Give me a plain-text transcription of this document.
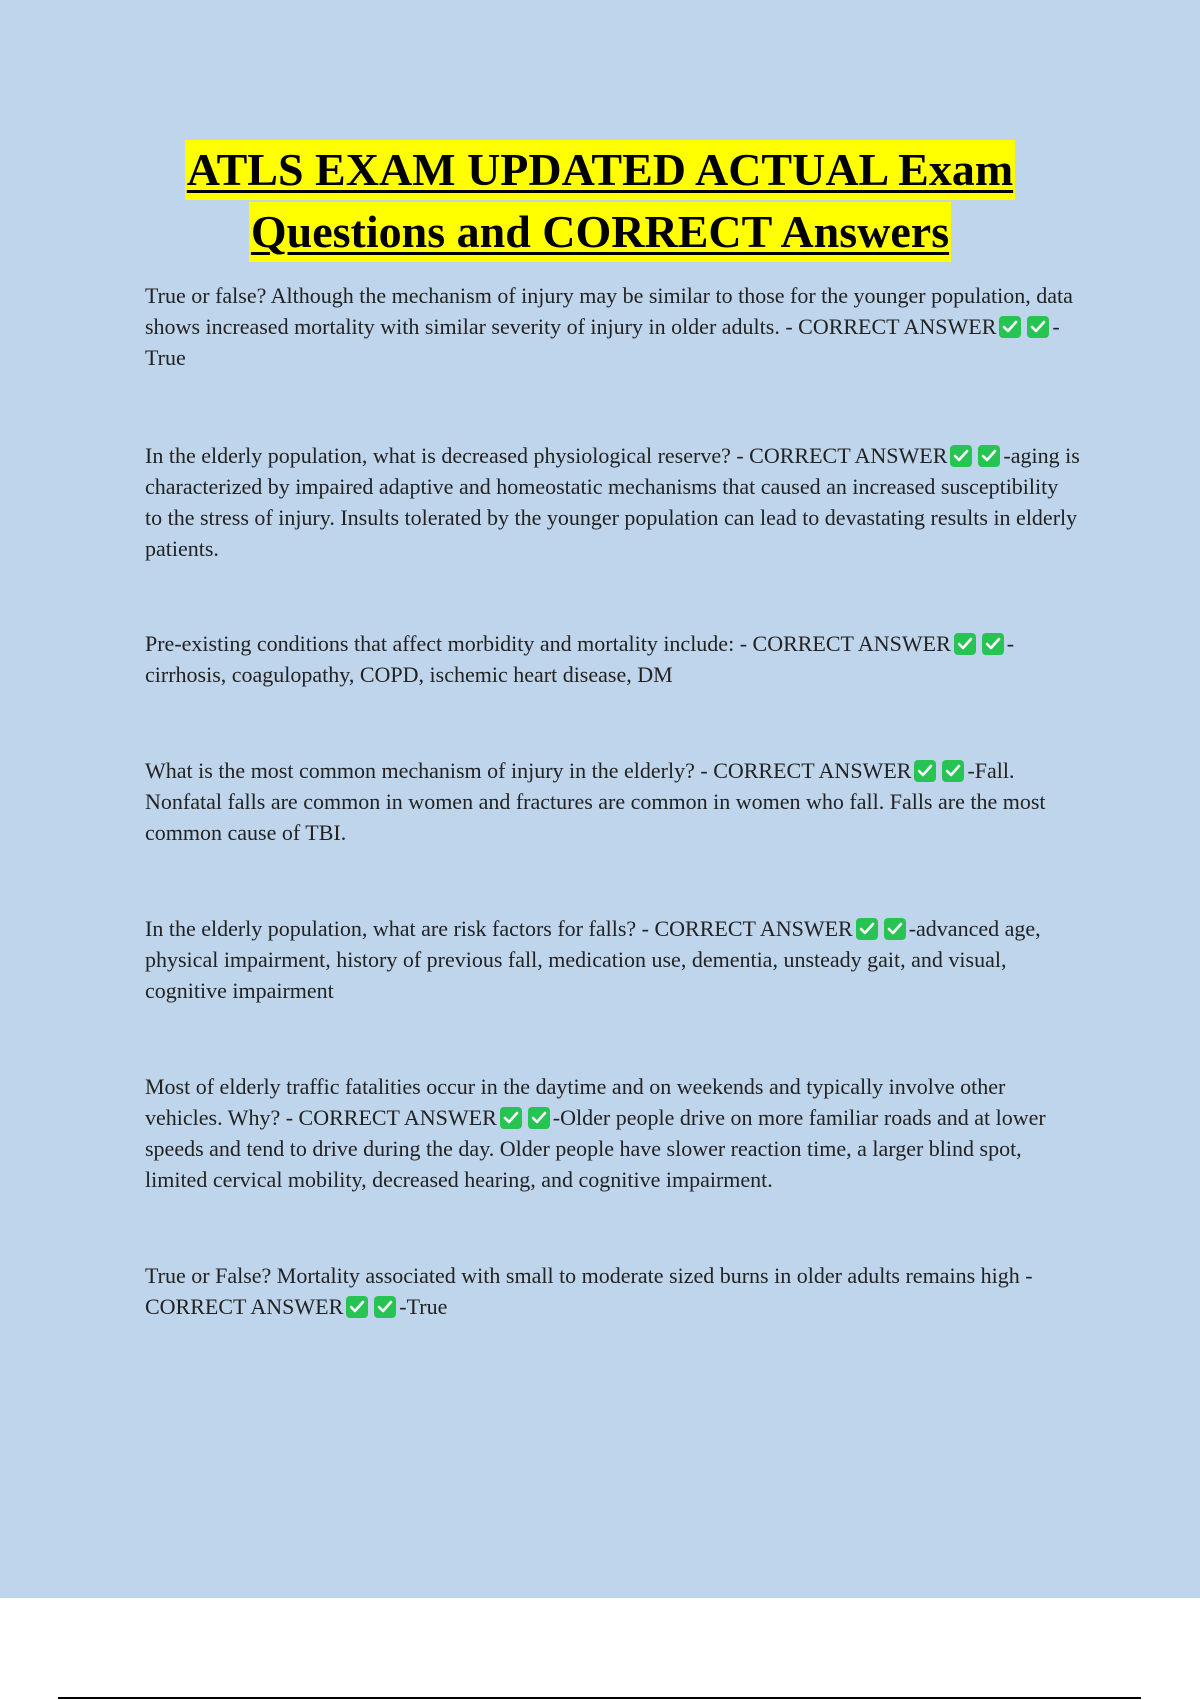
ATLS EXAM UPDATED ACTUAL Exam
Questions and CORRECT Answers

True or false? Although the mechanism of injury may be similar to those for the younger population, data shows increased mortality with similar severity of injury in older adults. - CORRECT ANSWER	-True

In the elderly population, what is decreased physiological reserve? - CORRECT ANSWER	-aging is characterized by impaired adaptive and homeostatic mechanisms that caused an increased susceptibility to the stress of injury. Insults tolerated by the younger population can lead to devastating results in elderly patients.

Pre-existing conditions that affect morbidity and mortality include: - CORRECT ANSWER	-cirrhosis, coagulopathy, COPD, ischemic heart disease, DM

What is the most common mechanism of injury in the elderly? - CORRECT ANSWER	-Fall. Nonfatal falls are common in women and fractures are common in women who fall. Falls are the most common cause of TBI.

In the elderly population, what are risk factors for falls? - CORRECT ANSWER	-advanced age, physical impairment, history of previous fall, medication use, dementia, unsteady gait, and visual, cognitive impairment

Most of elderly traffic fatalities occur in the daytime and on weekends and typically involve other vehicles. Why? - CORRECT ANSWER	-Older people drive on more familiar roads and at lower speeds and tend to drive during the day. Older people have slower reaction time, a larger blind spot, limited cervical mobility, decreased hearing, and cognitive impairment.

True or False? Mortality associated with small to moderate sized burns in older adults remains high - CORRECT ANSWER	-True
